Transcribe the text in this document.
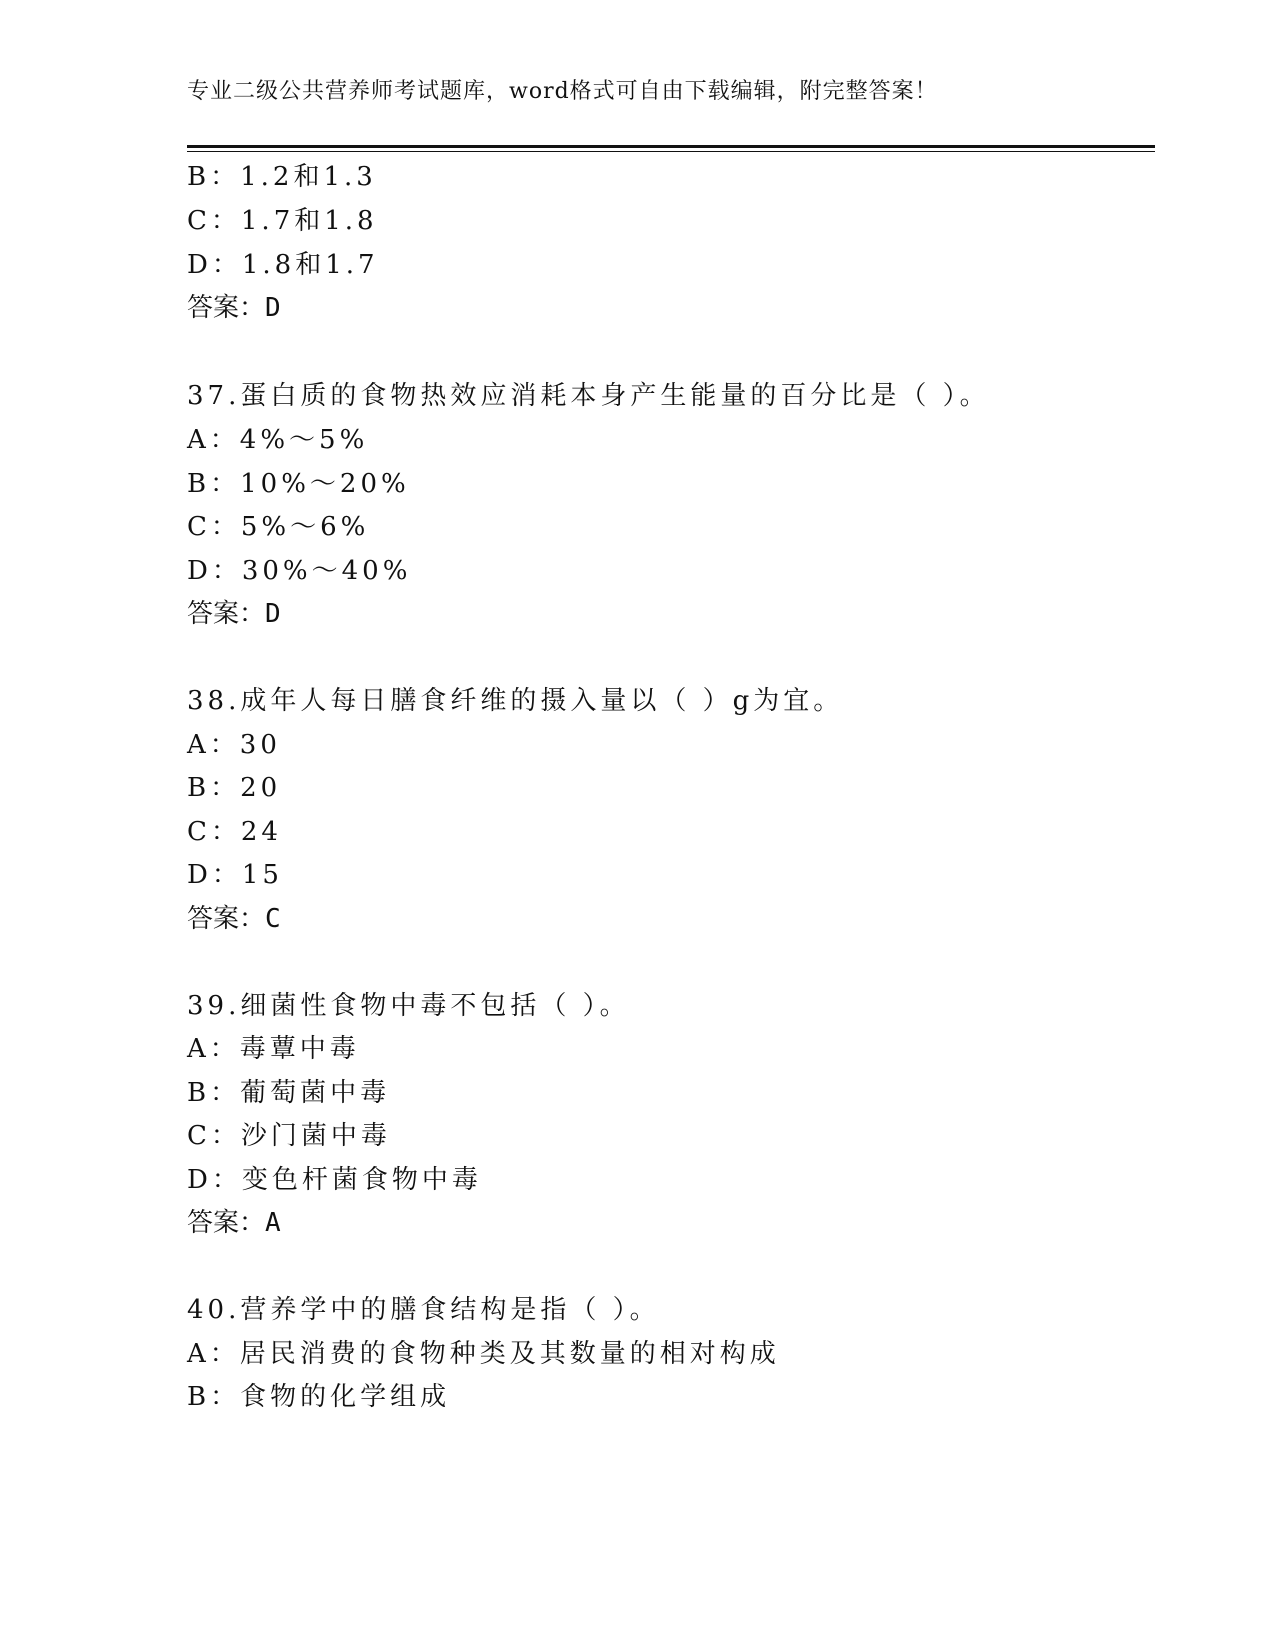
专业二级公共营养师考试题库，word格式可自由下载编辑，附完整答案！
B：1.2和1.3
C：1.7和1.8
D：1.8和1.7
答案：D
37.蛋白质的食物热效应消耗本身产生能量的百分比是（ ）。
A：4%～5%
B：10%～20%
C：5%～6%
D：30%～40%
答案：D
38.成年人每日膳食纤维的摄入量以（ ）g为宜。
A：30
B：20
C：24
D：15
答案：C
39.细菌性食物中毒不包括（ ）。
A：毒蕈中毒
B：葡萄菌中毒
C：沙门菌中毒
D：变色杆菌食物中毒
答案：A
40.营养学中的膳食结构是指（ ）。
A：居民消费的食物种类及其数量的相对构成
B：食物的化学组成
